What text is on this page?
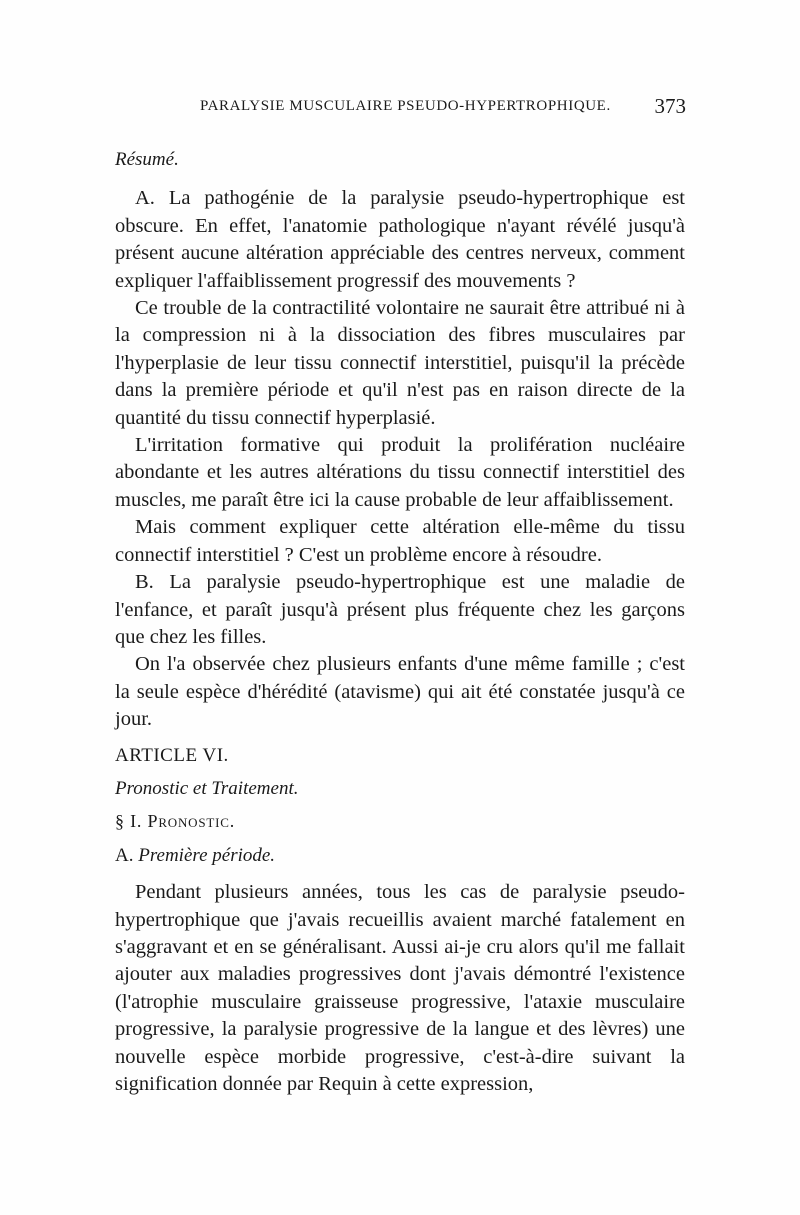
PARALYSIE MUSCULAIRE PSEUDO-HYPERTROPHIQUE. 373

Résumé.

A. La pathogénie de la paralysie pseudo-hypertrophique est obscure. En effet, l'anatomie pathologique n'ayant révélé jusqu'à présent aucune altération appréciable des centres nerveux, comment expliquer l'affaiblissement progressif des mouvements ?

Ce trouble de la contractilité volontaire ne saurait être attribué ni à la compression ni à la dissociation des fibres musculaires par l'hyperplasie de leur tissu connectif interstitiel, puisqu'il la précède dans la première période et qu'il n'est pas en raison directe de la quantité du tissu connectif hyperplasié.

L'irritation formative qui produit la prolifération nucléaire abondante et les autres altérations du tissu connectif interstitiel des muscles, me paraît être ici la cause probable de leur affaiblissement.

Mais comment expliquer cette altération elle-même du tissu connectif interstitiel ? C'est un problème encore à résoudre.

B. La paralysie pseudo-hypertrophique est une maladie de l'enfance, et paraît jusqu'à présent plus fréquente chez les garçons que chez les filles.

On l'a observée chez plusieurs enfants d'une même famille ; c'est la seule espèce d'hérédité (atavisme) qui ait été constatée jusqu'à ce jour.

ARTICLE VI.

Pronostic et Traitement.

§ I. Pronostic.

A. Première période.

Pendant plusieurs années, tous les cas de paralysie pseudo-hypertrophique que j'avais recueillis avaient marché fatalement en s'aggravant et en se généralisant. Aussi ai-je cru alors qu'il me fallait ajouter aux maladies progressives dont j'avais démontré l'existence (l'atrophie musculaire graisseuse progressive, l'ataxie musculaire progressive, la paralysie progressive de la langue et des lèvres) une nouvelle espèce morbide progressive, c'est-à-dire suivant la signification donnée par Requin à cette expression,
